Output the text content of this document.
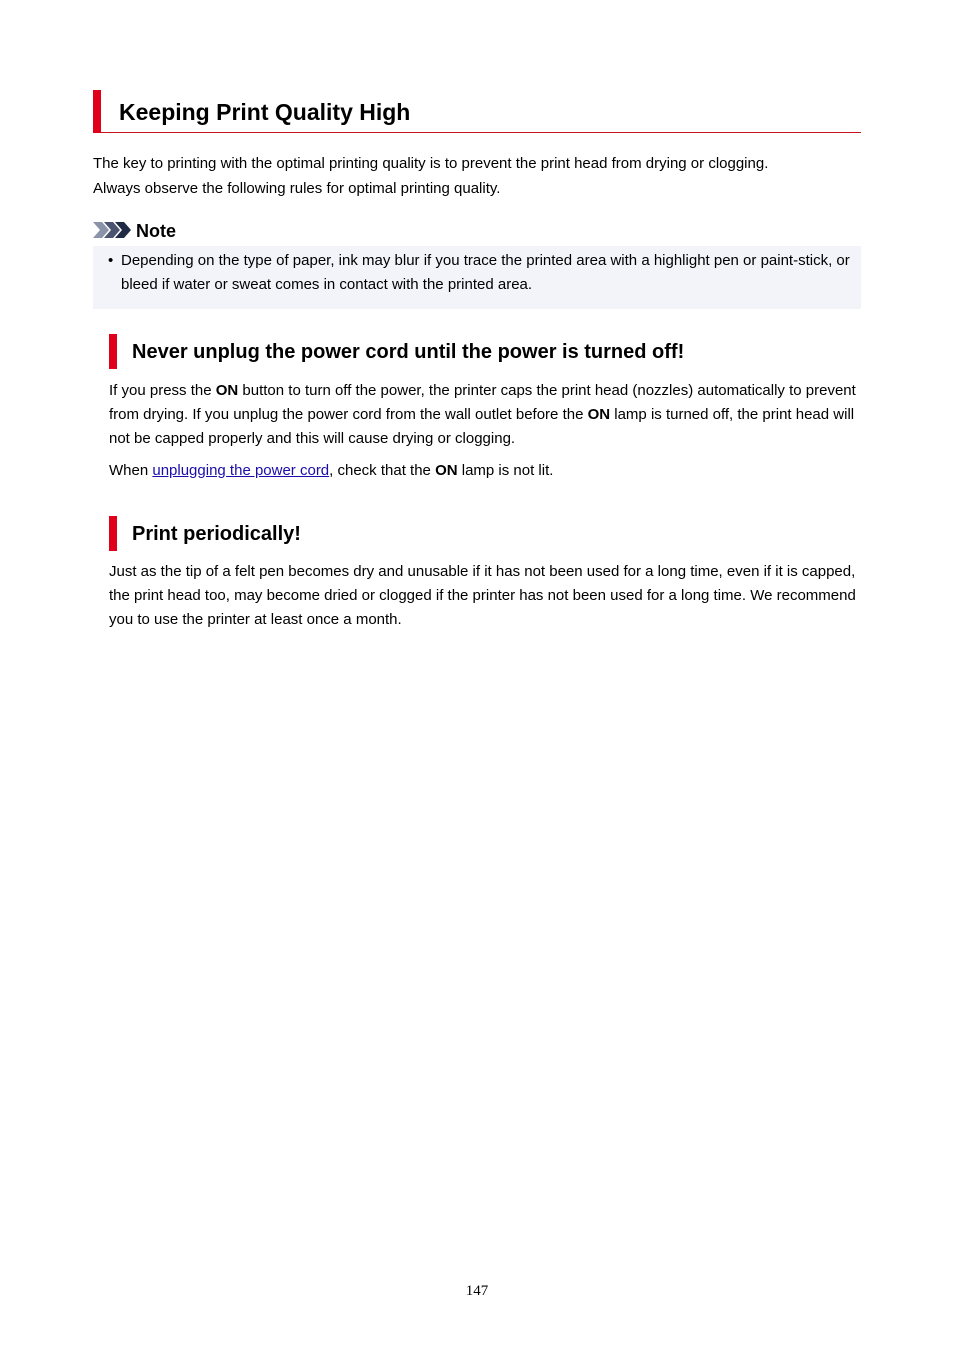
Keeping Print Quality High
The key to printing with the optimal printing quality is to prevent the print head from drying or clogging.
Always observe the following rules for optimal printing quality.
Note
• Depending on the type of paper, ink may blur if you trace the printed area with a highlight pen or paint-stick, or bleed if water or sweat comes in contact with the printed area.
Never unplug the power cord until the power is turned off!

If you press the ON button to turn off the power, the printer caps the print head (nozzles) automatically to prevent from drying. If you unplug the power cord from the wall outlet before the ON lamp is turned off, the print head will not be capped properly and this will cause drying or clogging.

When unplugging the power cord, check that the ON lamp is not lit.

Print periodically!

Just as the tip of a felt pen becomes dry and unusable if it has not been used for a long time, even if it is capped, the print head too, may become dried or clogged if the printer has not been used for a long time. We recommend you to use the printer at least once a month.

147
